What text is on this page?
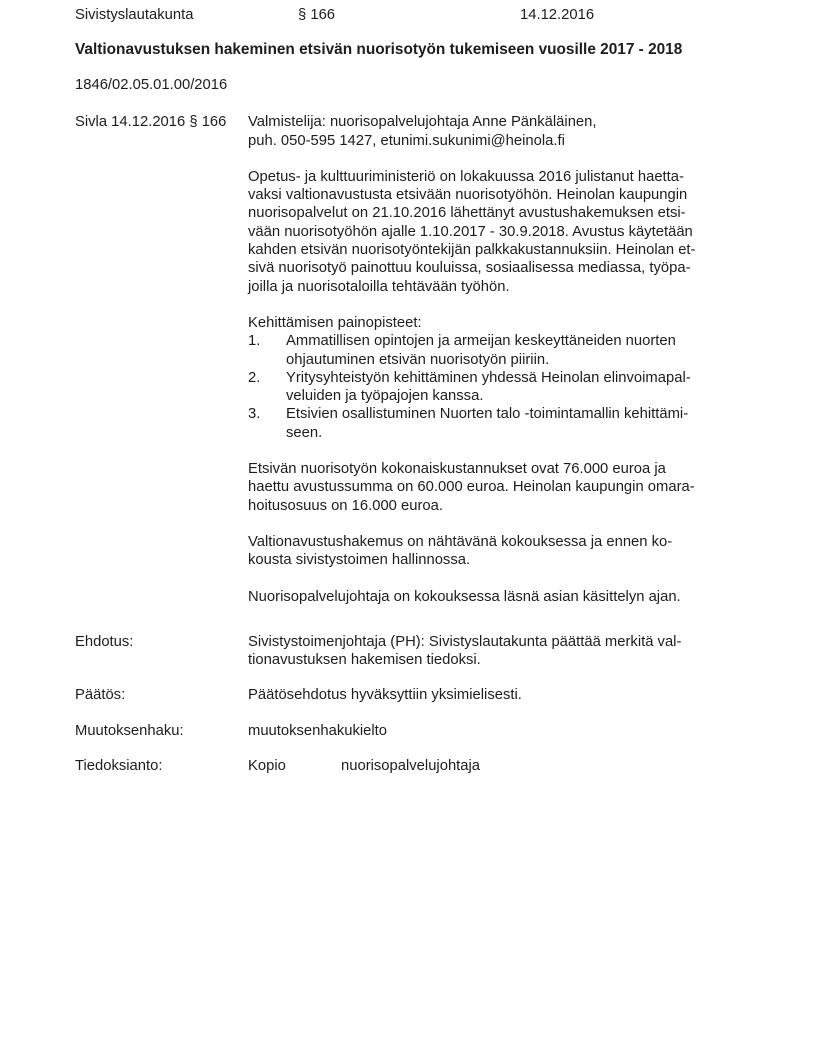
Sivistyslautakunta	§ 166	14.12.2016
Valtionavustuksen hakeminen etsivän nuorisotyön tukemiseen vuosille 2017 - 2018
1846/02.05.01.00/2016
Sivla 14.12.2016 § 166	Valmistelija: nuorisopalvelujohtaja Anne Pänkäläinen,
puh. 050-595 1427, etunimi.sukunimi@heinola.fi
Opetus- ja kulttuuriministeriö on lokakuussa 2016 julistanut haetta-
vaksi valtionavustusta etsivään nuorisotyöhön. Heinolan kaupungin
nuorisopalvelut on 21.10.2016 lähettänyt avustushakemuksen etsi-
vään nuorisotyöhön ajalle 1.10.2017 - 30.9.2018. Avustus käytetään
kahden etsivän nuorisotyöntekijän palkkakustannuksiin. Heinolan et-
sivä nuorisotyö painottuu kouluissa, sosiaalisessa mediassa, työpa-
joilla ja nuorisotaloilla tehtävään työhön.
Kehittämisen painopisteet:
1.	Ammatillisen opintojen ja armeijan keskeyttäneiden nuorten
ohjautuminen etsivän nuorisotyön piiriin.
2.	Yritysyhteistyön kehittäminen yhdessä Heinolan elinvoimapal-
veluiden ja työpajojen kanssa.
3.	Etsivien osallistuminen Nuorten talo -toimintamallin kehittämi-
seen.
Etsivän nuorisotyön kokonaiskustannukset ovat 76.000 euroa ja
haettu avustussumma on 60.000 euroa. Heinolan kaupungin omara-
hoitusosuus on 16.000 euroa.
Valtionavustushakemus on nähtävänä kokouksessa ja ennen ko-
kousta sivistystoimen hallinnossa.
Nuorisopalvelujohtaja on kokouksessa läsnä asian käsittelyn ajan.
Ehdotus:	Sivistystoimenjohtaja (PH): Sivistyslautakunta päättää merkitä val-
tionavustuksen hakemisen tiedoksi.
Päätös:	Päätösehdotus hyväksyttiin yksimielisesti.
Muutoksenhaku:	muutoksenhakukielto
Tiedoksianto:	Kopio	nuorisopalvelujohtaja
